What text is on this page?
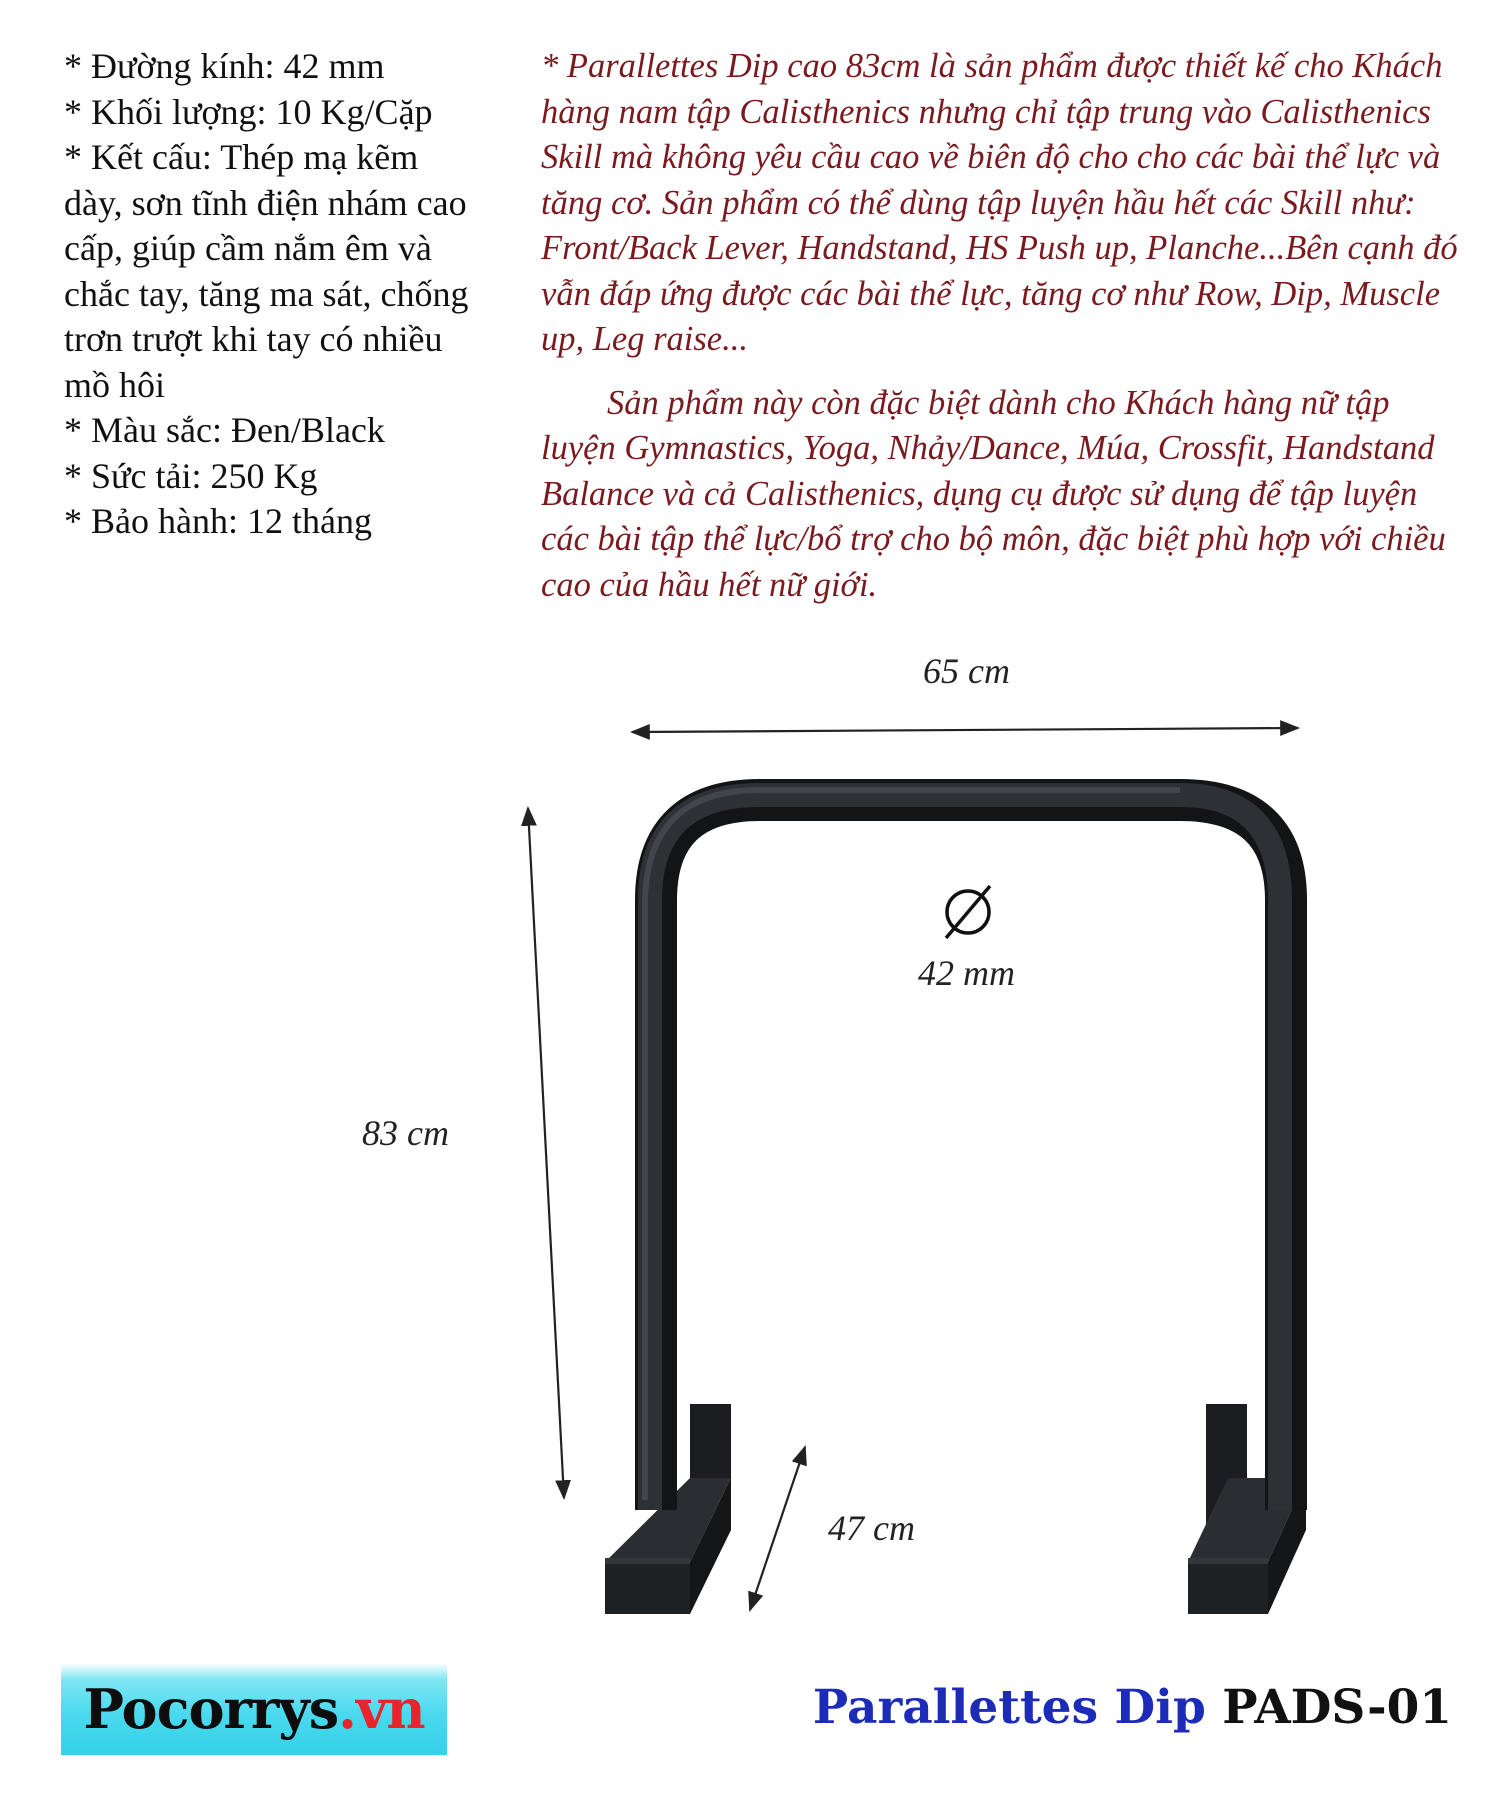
* Đường kính: 42 mm
* Khối lượng: 10 Kg/Cặp
* Kết cấu: Thép mạ kẽm dày, sơn tĩnh điện nhám cao cấp, giúp cầm nắm êm và chắc tay, tăng ma sát, chống trơn trượt khi tay có nhiều mồ hôi
* Màu sắc: Đen/Black
* Sức tải: 250 Kg
* Bảo hành: 12 tháng

* Parallettes Dip cao 83cm là sản phẩm được thiết kế cho Khách hàng nam tập Calisthenics nhưng chỉ tập trung vào Calisthenics Skill mà không yêu cầu cao về biên độ cho cho các bài thể lực và tăng cơ. Sản phẩm có thể dùng tập luyện hầu hết các Skill như: Front/Back Lever, Handstand, HS Push up, Planche...Bên cạnh đó vẫn đáp ứng được các bài thể lực, tăng cơ như Row, Dip, Muscle up, Leg raise...

Sản phẩm này còn đặc biệt dành cho Khách hàng nữ tập luyện Gymnastics, Yoga, Nhảy/Dance, Múa, Crossfit, Handstand Balance và cả Calisthenics, dụng cụ được sử dụng để tập luyện các bài tập thể lực/bổ trợ cho bộ môn, đặc biệt phù hợp với chiều cao của hầu hết nữ giới.

65 cm
83 cm
47 cm
42 mm
Pocorrys.vn	Parallettes Dip PADS-01
